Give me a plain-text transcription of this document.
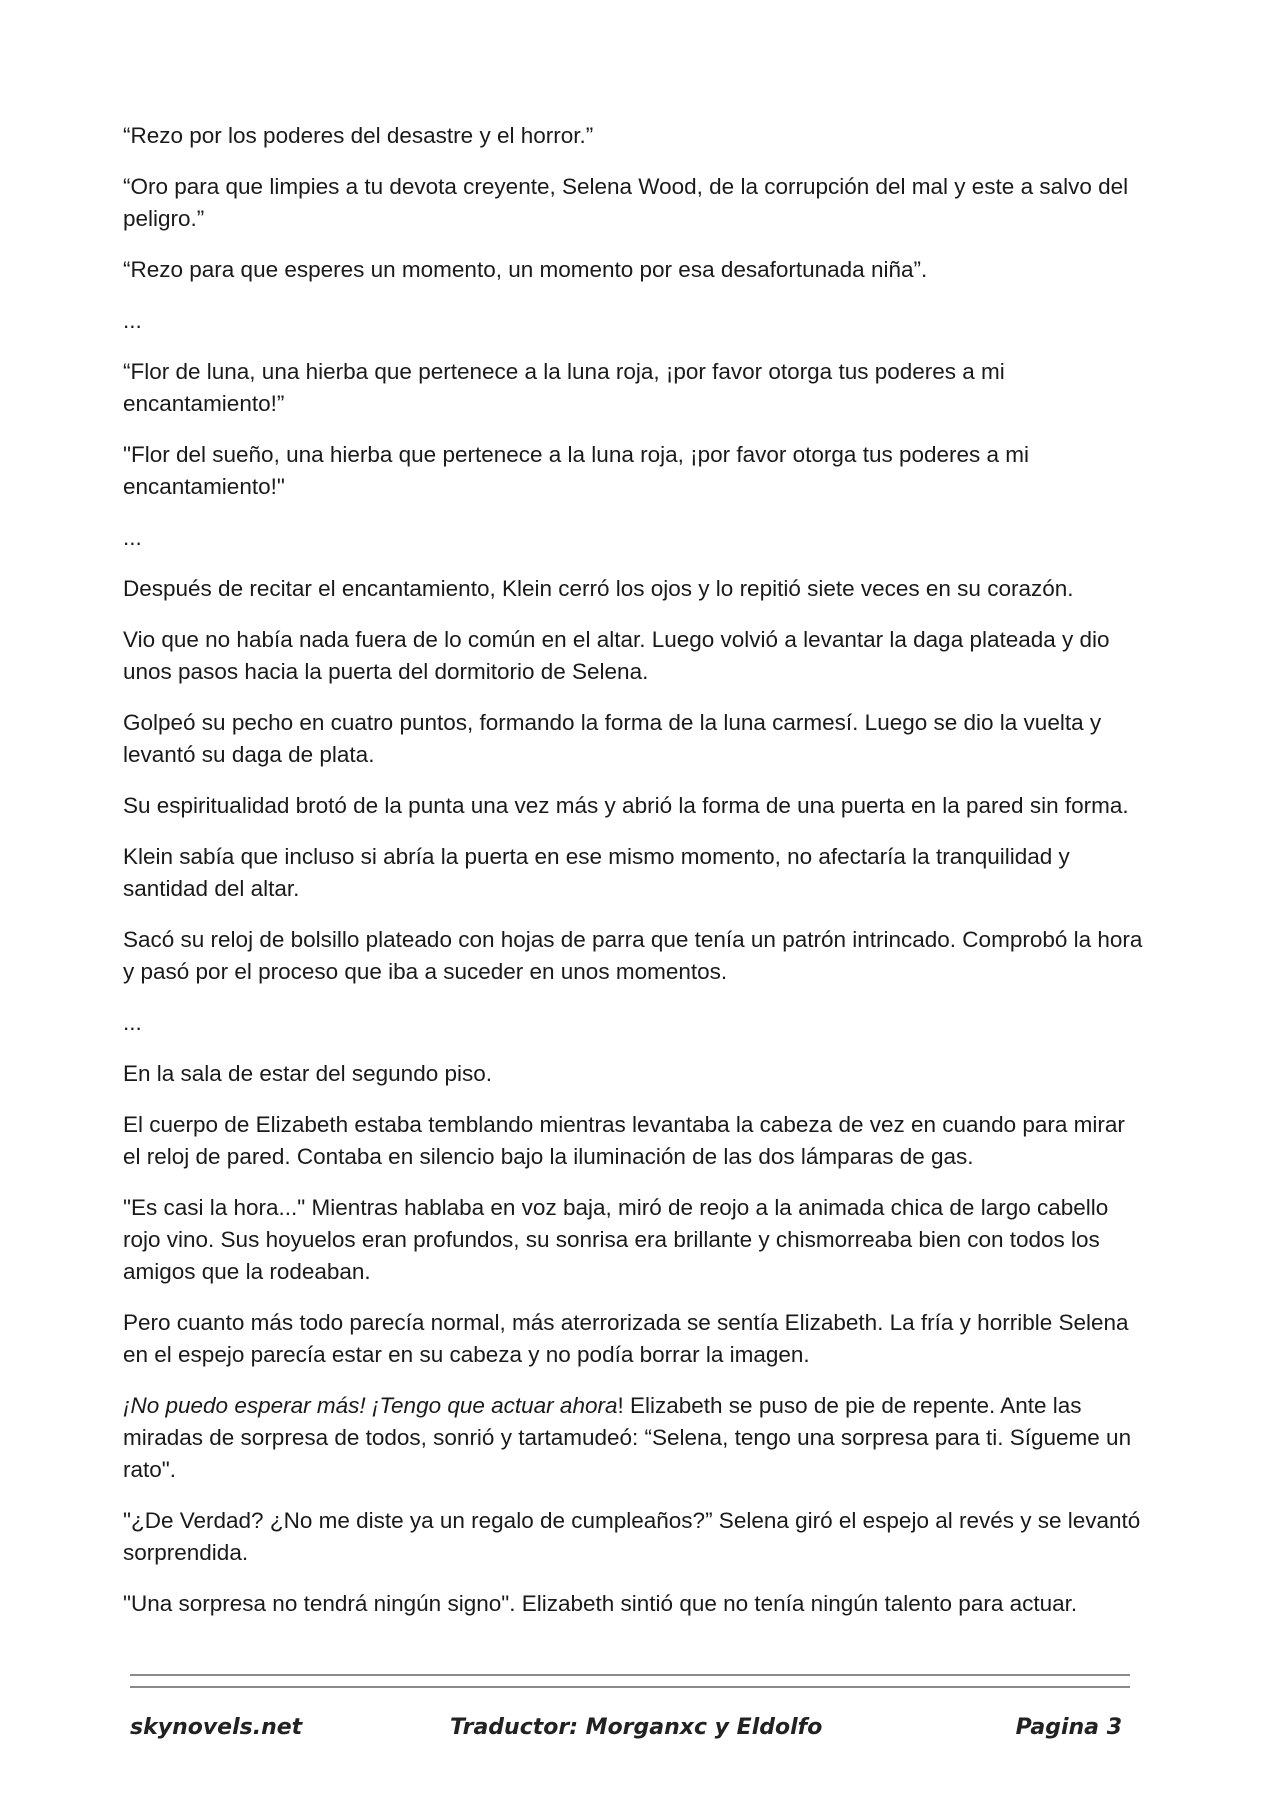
“Rezo por los poderes del desastre y el horror.”

“Oro para que limpies a tu devota creyente, Selena Wood, de la corrupción del mal y este a salvo del peligro.”

“Rezo para que esperes un momento, un momento por esa desafortunada niña”.

...

“Flor de luna, una hierba que pertenece a la luna roja, ¡por favor otorga tus poderes a mi encantamiento!”

"Flor del sueño, una hierba que pertenece a la luna roja, ¡por favor otorga tus poderes a mi encantamiento!"

...

Después de recitar el encantamiento, Klein cerró los ojos y lo repitió siete veces en su corazón.

Vio que no había nada fuera de lo común en el altar. Luego volvió a levantar la daga plateada y dio unos pasos hacia la puerta del dormitorio de Selena.

Golpeó su pecho en cuatro puntos, formando la forma de la luna carmesí. Luego se dio la vuelta y levantó su daga de plata.

Su espiritualidad brotó de la punta una vez más y abrió la forma de una puerta en la pared sin forma.

Klein sabía que incluso si abría la puerta en ese mismo momento, no afectaría la tranquilidad y santidad del altar.

Sacó su reloj de bolsillo plateado con hojas de parra que tenía un patrón intrincado. Comprobó la hora y pasó por el proceso que iba a suceder en unos momentos.

...

En la sala de estar del segundo piso.

El cuerpo de Elizabeth estaba temblando mientras levantaba la cabeza de vez en cuando para mirar el reloj de pared. Contaba en silencio bajo la iluminación de las dos lámparas de gas.

"Es casi la hora..." Mientras hablaba en voz baja, miró de reojo a la animada chica de largo cabello rojo vino. Sus hoyuelos eran profundos, su sonrisa era brillante y chismorreaba bien con todos los amigos que la rodeaban.

Pero cuanto más todo parecía normal, más aterrorizada se sentía Elizabeth. La fría y horrible Selena en el espejo parecía estar en su cabeza y no podía borrar la imagen.

¡No puedo esperar más! ¡Tengo que actuar ahora! Elizabeth se puso de pie de repente. Ante las miradas de sorpresa de todos, sonrió y tartamudeó: “Selena, tengo una sorpresa para ti. Sígueme un rato".

"¿De Verdad? ¿No me diste ya un regalo de cumpleaños?” Selena giró el espejo al revés y se levantó sorprendida.

"Una sorpresa no tendrá ningún signo". Elizabeth sintió que no tenía ningún talento para actuar.

skynovels.net	Traductor: Morganxc y Eldolfo	Pagina 3
